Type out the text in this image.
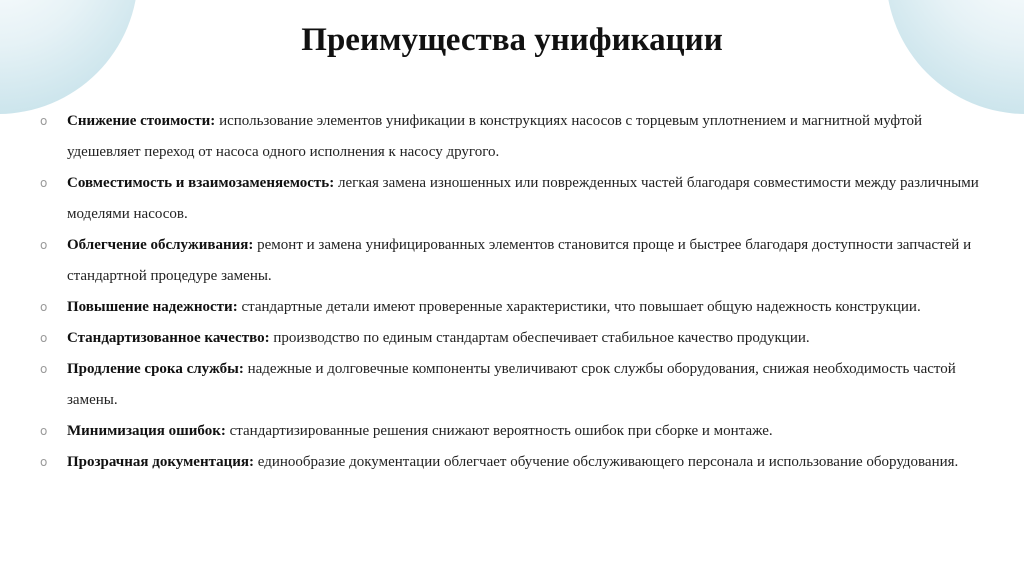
Преимущества унификации
o Снижение стоимости: использование элементов унификации в конструкциях насосов с торцевым уплотнением и магнитной муфтой удешевляет переход от насоса одного исполнения к насосу другого.
o Совместимость и взаимозаменяемость: легкая замена изношенных или поврежденных частей благодаря совместимости между различными моделями насосов.
o Облегчение обслуживания: ремонт и замена унифицированных элементов становится проще и быстрее благодаря доступности запчастей и стандартной процедуре замены.
o Повышение надежности: стандартные детали имеют проверенные характеристики, что повышает общую надежность конструкции.
o Стандартизованное качество: производство по единым стандартам обеспечивает стабильное качество продукции.
o Продление срока службы: надежные и долговечные компоненты увеличивают срок службы оборудования, снижая необходимость частой замены.
o Минимизация ошибок: стандартизированные решения снижают вероятность ошибок при сборке и монтаже.
o Прозрачная документация: единообразие документации облегчает обучение обслуживающего персонала и использование оборудования.
